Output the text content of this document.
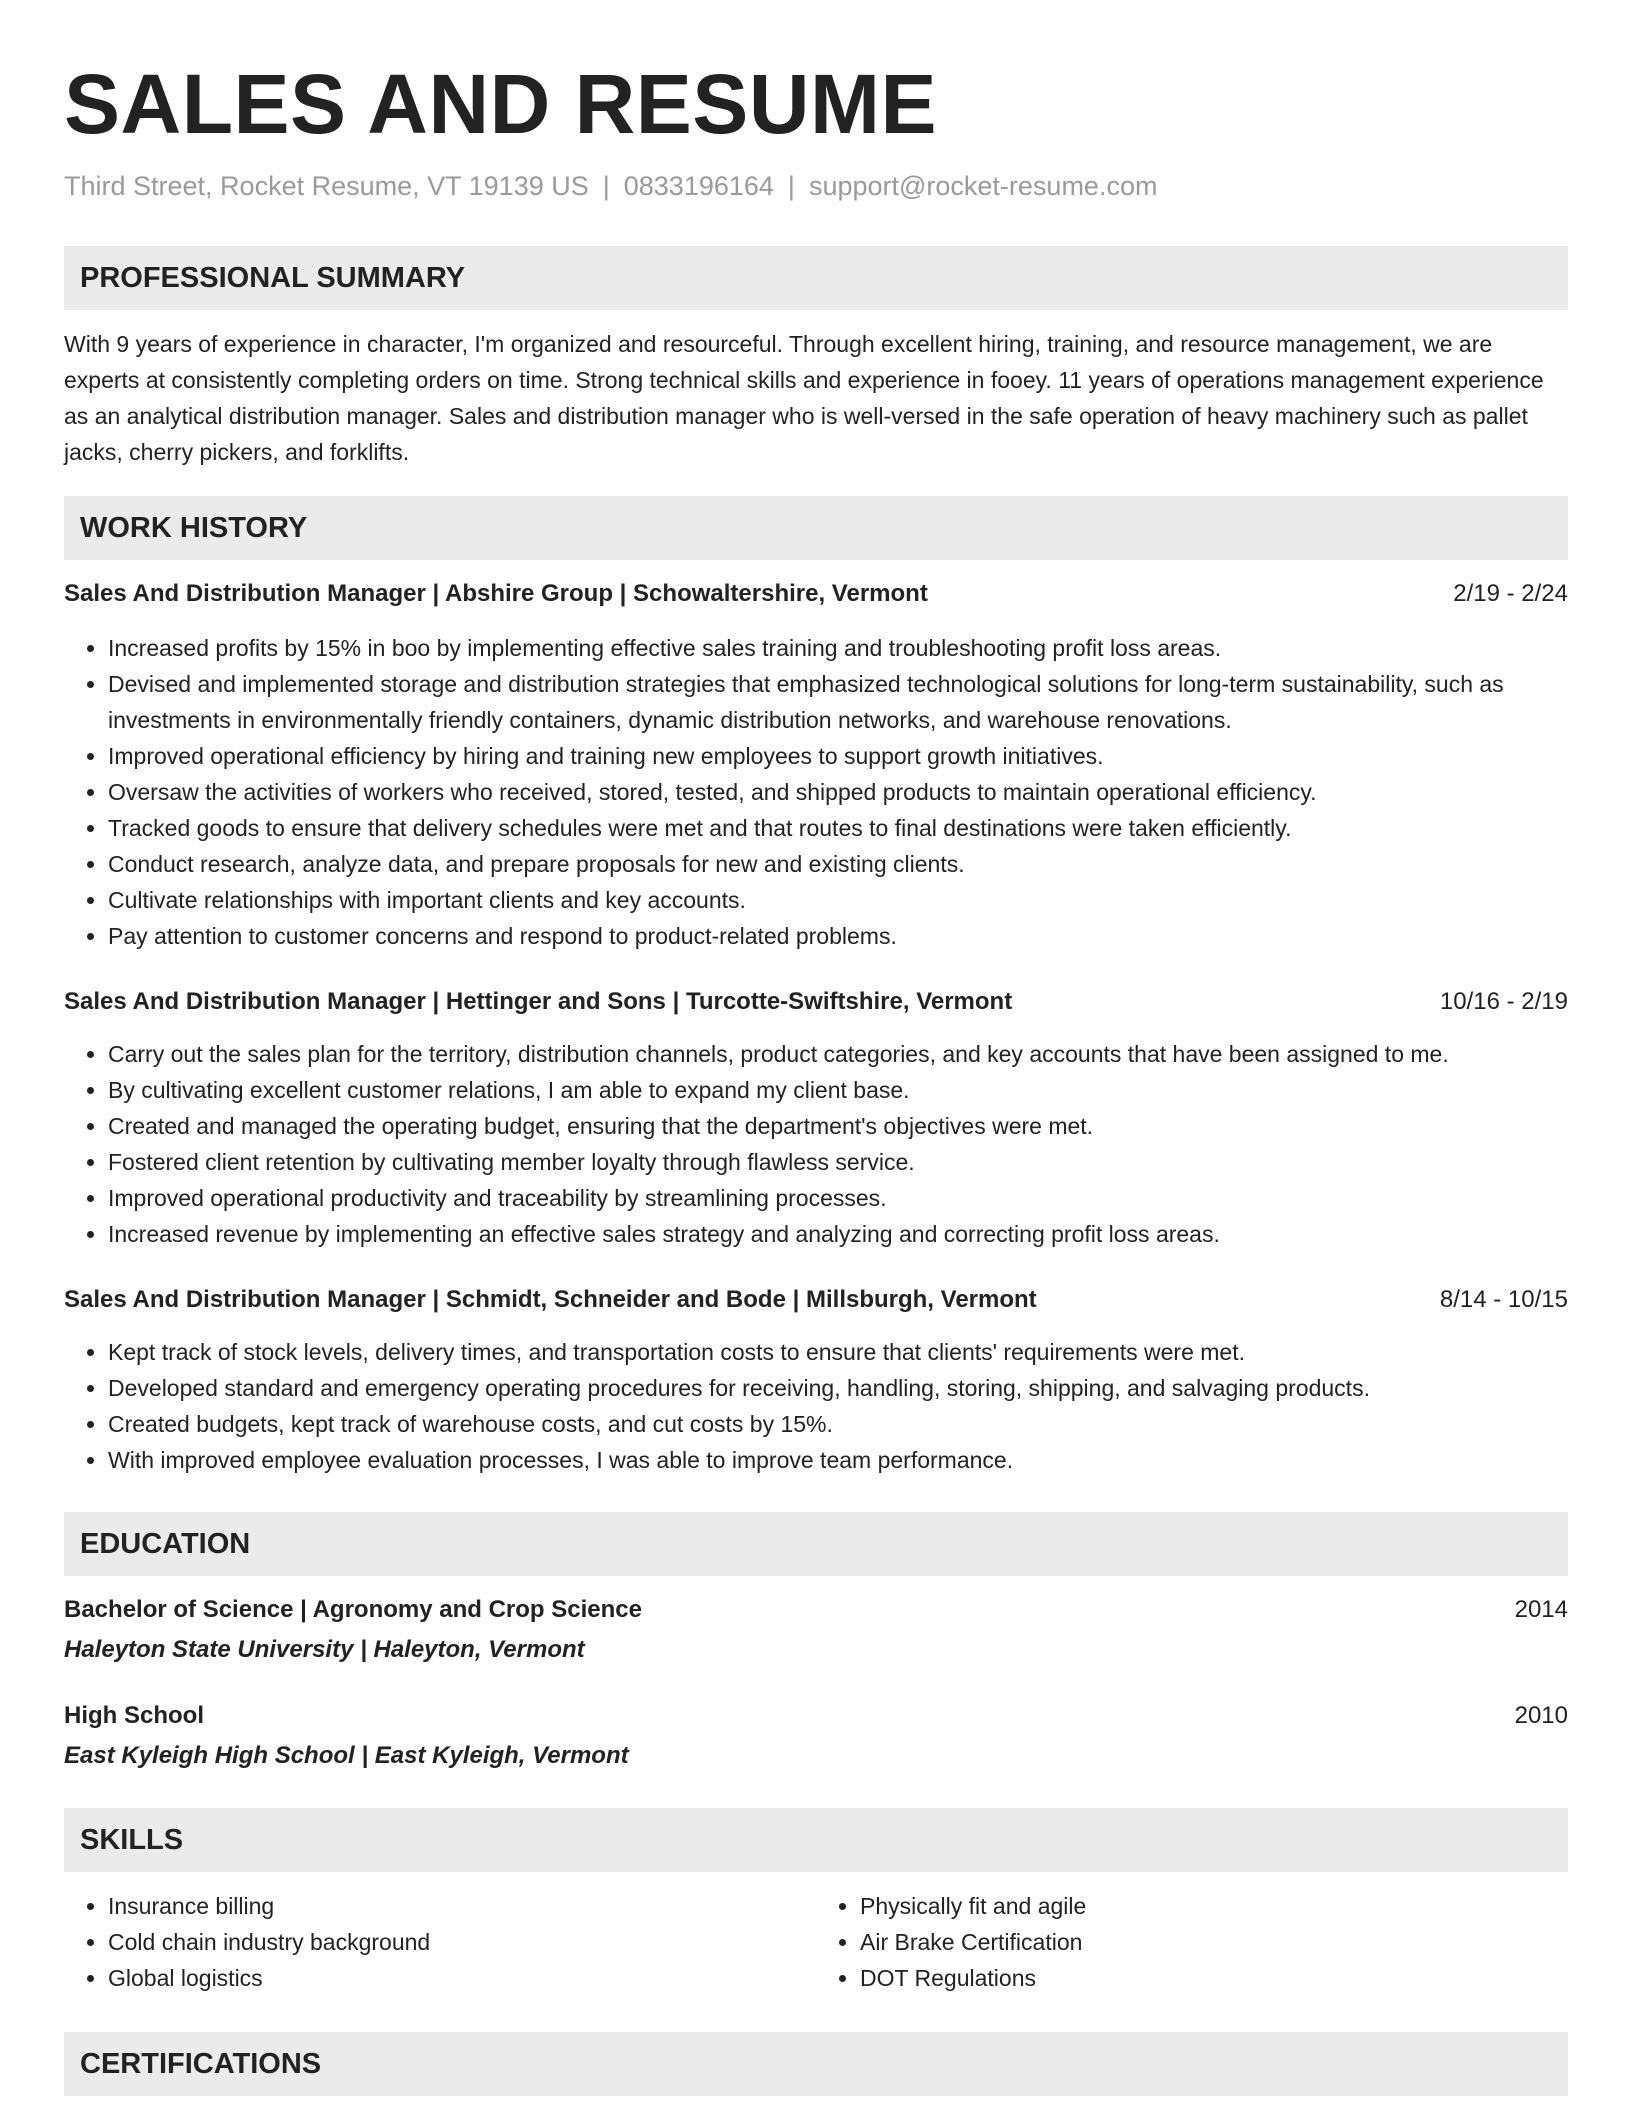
SALES AND RESUME
Third Street, Rocket Resume, VT 19139 US | 0833196164 | support@rocket-resume.com
PROFESSIONAL SUMMARY

With 9 years of experience in character, I'm organized and resourceful. Through excellent hiring, training, and resource management, we are experts at consistently completing orders on time. Strong technical skills and experience in fooey. 11 years of operations management experience as an analytical distribution manager. Sales and distribution manager who is well-versed in the safe operation of heavy machinery such as pallet jacks, cherry pickers, and forklifts.

WORK HISTORY
Sales And Distribution Manager | Abshire Group | Schowaltershire, Vermont	2/19 - 2/24
• Increased profits by 15% in boo by implementing effective sales training and troubleshooting profit loss areas.
• Devised and implemented storage and distribution strategies that emphasized technological solutions for long-term sustainability, such as investments in environmentally friendly containers, dynamic distribution networks, and warehouse renovations.
• Improved operational efficiency by hiring and training new employees to support growth initiatives.
• Oversaw the activities of workers who received, stored, tested, and shipped products to maintain operational efficiency.
• Tracked goods to ensure that delivery schedules were met and that routes to final destinations were taken efficiently.
• Conduct research, analyze data, and prepare proposals for new and existing clients.
• Cultivate relationships with important clients and key accounts.
• Pay attention to customer concerns and respond to product-related problems.
Sales And Distribution Manager | Hettinger and Sons | Turcotte-Swiftshire, Vermont	10/16 - 2/19
• Carry out the sales plan for the territory, distribution channels, product categories, and key accounts that have been assigned to me.
• By cultivating excellent customer relations, I am able to expand my client base.
• Created and managed the operating budget, ensuring that the department's objectives were met.
• Fostered client retention by cultivating member loyalty through flawless service.
• Improved operational productivity and traceability by streamlining processes.
• Increased revenue by implementing an effective sales strategy and analyzing and correcting profit loss areas.
Sales And Distribution Manager | Schmidt, Schneider and Bode | Millsburgh, Vermont	8/14 - 10/15
• Kept track of stock levels, delivery times, and transportation costs to ensure that clients' requirements were met.
• Developed standard and emergency operating procedures for receiving, handling, storing, shipping, and salvaging products.
• Created budgets, kept track of warehouse costs, and cut costs by 15%.
• With improved employee evaluation processes, I was able to improve team performance.
EDUCATION
Bachelor of Science | Agronomy and Crop Science	2014
Haleyton State University | Haleyton, Vermont
High School	2010
East Kyleigh High School | East Kyleigh, Vermont
SKILLS
• Insurance billing
• Cold chain industry background
• Global logistics
• Physically fit and agile
• Air Brake Certification
• DOT Regulations
CERTIFICATIONS
